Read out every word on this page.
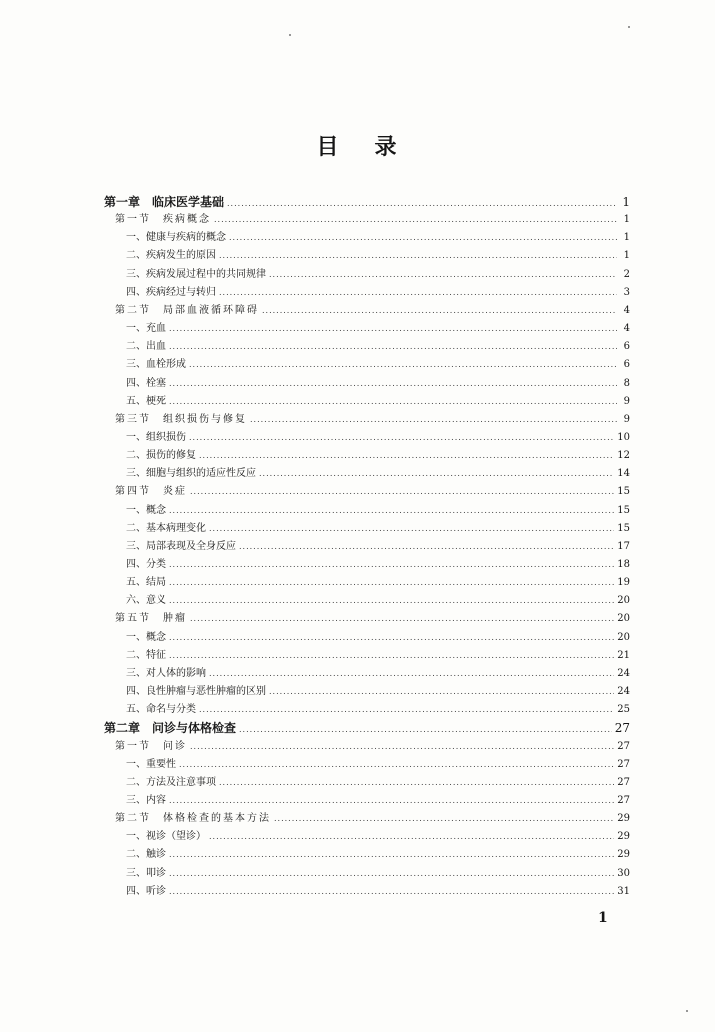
目 录
第一章　临床医学基础 .....	1
第一节　疾病概念 .....	1
一、健康与疾病的概念 .....	1
二、疾病发生的原因 .....	1
三、疾病发展过程中的共同规律 .....	2
四、疾病经过与转归 .....	3
第二节　局部血液循环障碍 .....	4
一、充血 .....	4
二、出血 .....	6
三、血栓形成 .....	6
四、栓塞 .....	8
五、梗死 .....	9
第三节　组织损伤与修复 .....	9
一、组织损伤 .....	10
二、损伤的修复 .....	12
三、细胞与组织的适应性反应 .....	14
第四节　炎症 .....	15
一、概念 .....	15
二、基本病理变化 .....	15
三、局部表现及全身反应 .....	17
四、分类 .....	18
五、结局 .....	19
六、意义 .....	20
第五节　肿瘤 .....	20
一、概念 .....	20
二、特征 .....	21
三、对人体的影响 .....	24
四、良性肿瘤与恶性肿瘤的区别 .....	24
五、命名与分类 .....	25
第二章　问诊与体格检查 .....	27
第一节　问诊 .....	27
一、重要性 .....	27
二、方法及注意事项 .....	27
三、内容 .....	27
第二节　体格检查的基本方法 .....	29
一、视诊（望诊） .....	29
二、触诊 .....	29
三、叩诊 .....	30
四、听诊 .....	31
1
